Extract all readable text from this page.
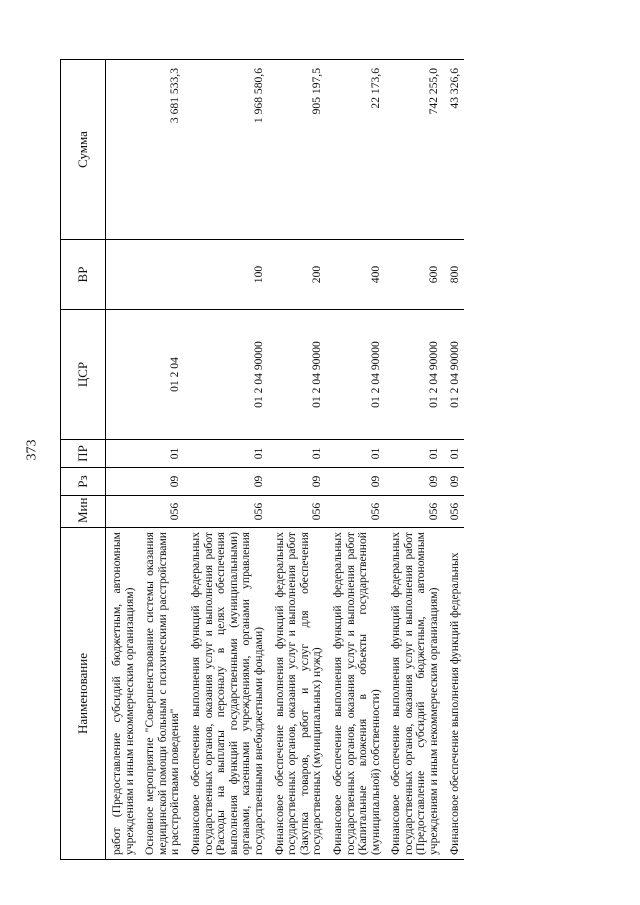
373
Наименование	Мин	Рз	ПР	ЦСР	ВР	Сумма
работ (Предоставление субсидий бюджетным, автономным учреждениям и иным некоммерческим организациям)						
Основное мероприятие "Совершенствование системы оказания медицинской помощи больным с психическими расстройствами и расстройствами поведения"	056	09	01	01 2 04		3 681 533,3
Финансовое обеспечение выполнения функций федеральных государственных органов, оказания услуг и выполнения работ (Расходы на выплаты персоналу в целях обеспечения выполнения функций государственными (муниципальными) органами, казенными учреждениями, органами управления государственными внебюджетными фондами)	056	09	01	01 2 04 90000	100	1 968 580,6
Финансовое обеспечение выполнения функций федеральных государственных органов, оказания услуг и выполнения работ (Закупка товаров, работ и услуг для обеспечения государственных (муниципальных) нужд)	056	09	01	01 2 04 90000	200	905 197,5
Финансовое обеспечение выполнения функций федеральных государственных органов, оказания услуг и выполнения работ (Капитальные вложения в объекты государственной (муниципальной) собственности)	056	09	01	01 2 04 90000	400	22 173,6
Финансовое обеспечение выполнения функций федеральных государственных органов, оказания услуг и выполнения работ (Предоставление субсидий бюджетным, автономным учреждениям и иным некоммерческим организациям)	056	09	01	01 2 04 90000	600	742 255,0
Финансовое обеспечение выполнения функций федеральных	056	09	01	01 2 04 90000	800	43 326,6
